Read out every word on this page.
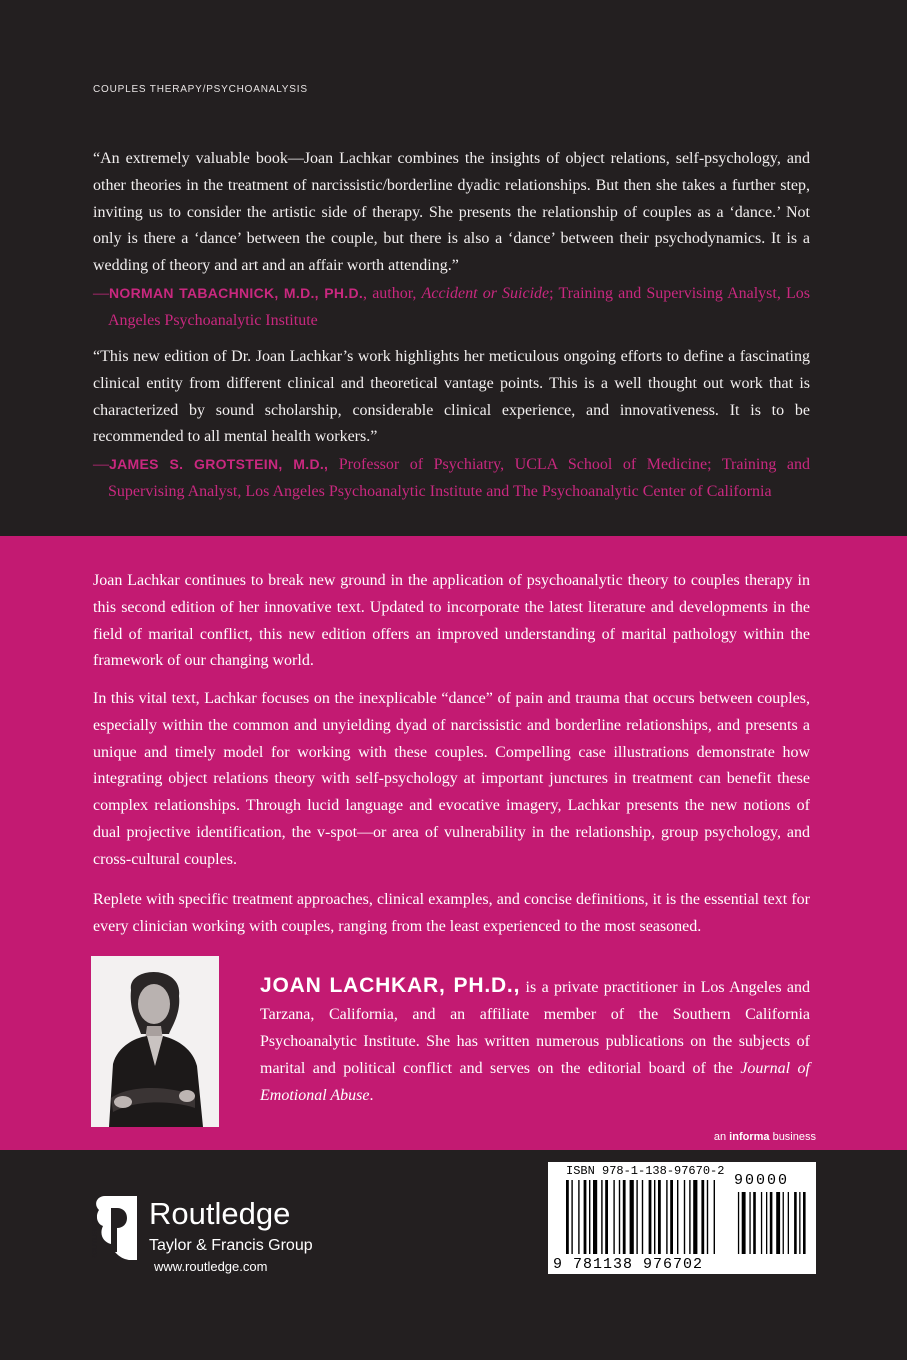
COUPLES THERAPY/PSYCHOANALYSIS
“An extremely valuable book—Joan Lachkar combines the insights of object relations, self-psychology, and other theories in the treatment of narcissistic/borderline dyadic relationships. But then she takes a further step, inviting us to consider the artistic side of therapy. She presents the relationship of couples as a ‘dance.’ Not only is there a ‘dance’ between the couple, but there is also a ‘dance’ between their psychodynamics. It is a wedding of theory and art and an affair worth attending.”
—NORMAN TABACHNICK, M.D., PH.D., author, Accident or Suicide; Training and Supervising Analyst, Los Angeles Psychoanalytic Institute
“This new edition of Dr. Joan Lachkar’s work highlights her meticulous ongoing efforts to define a fascinating clinical entity from different clinical and theoretical vantage points. This is a well thought out work that is characterized by sound scholarship, considerable clinical experience, and innovativeness. It is to be recommended to all mental health workers.”
—JAMES S. GROTSTEIN, M.D., Professor of Psychiatry, UCLA School of Medicine; Training and Supervising Analyst, Los Angeles Psychoanalytic Institute and The Psychoanalytic Center of California

Joan Lachkar continues to break new ground in the application of psychoanalytic theory to couples therapy in this second edition of her innovative text. Updated to incorporate the latest literature and developments in the field of marital conflict, this new edition offers an improved understanding of marital pathology within the framework of our changing world.

In this vital text, Lachkar focuses on the inexplicable “dance” of pain and trauma that occurs between couples, especially within the common and unyielding dyad of narcissistic and borderline relationships, and presents a unique and timely model for working with these couples. Compelling case illustrations demonstrate how integrating object relations theory with self-psychology at important junctures in treatment can benefit these complex relationships. Through lucid language and evocative imagery, Lachkar presents the new notions of dual projective identification, the v-spot—or area of vulnerability in the relationship, group psychology, and cross-cultural couples.

Replete with specific treatment approaches, clinical examples, and concise definitions, it is the essential text for every clinician working with couples, ranging from the least experienced to the most seasoned.

JOAN LACHKAR, PH.D., is a private practitioner in Los Angeles and Tarzana, California, and an affiliate member of the Southern California Psychoanalytic Institute. She has written numerous publications on the subjects of marital and political conflict and serves on the editorial board of the Journal of Emotional Abuse.
an informa business
ROUTLEDGE
Routledge
Taylor & Francis Group
www.routledge.com
ISBN 978-1-138-97670-2
90000
9 781138 976702
